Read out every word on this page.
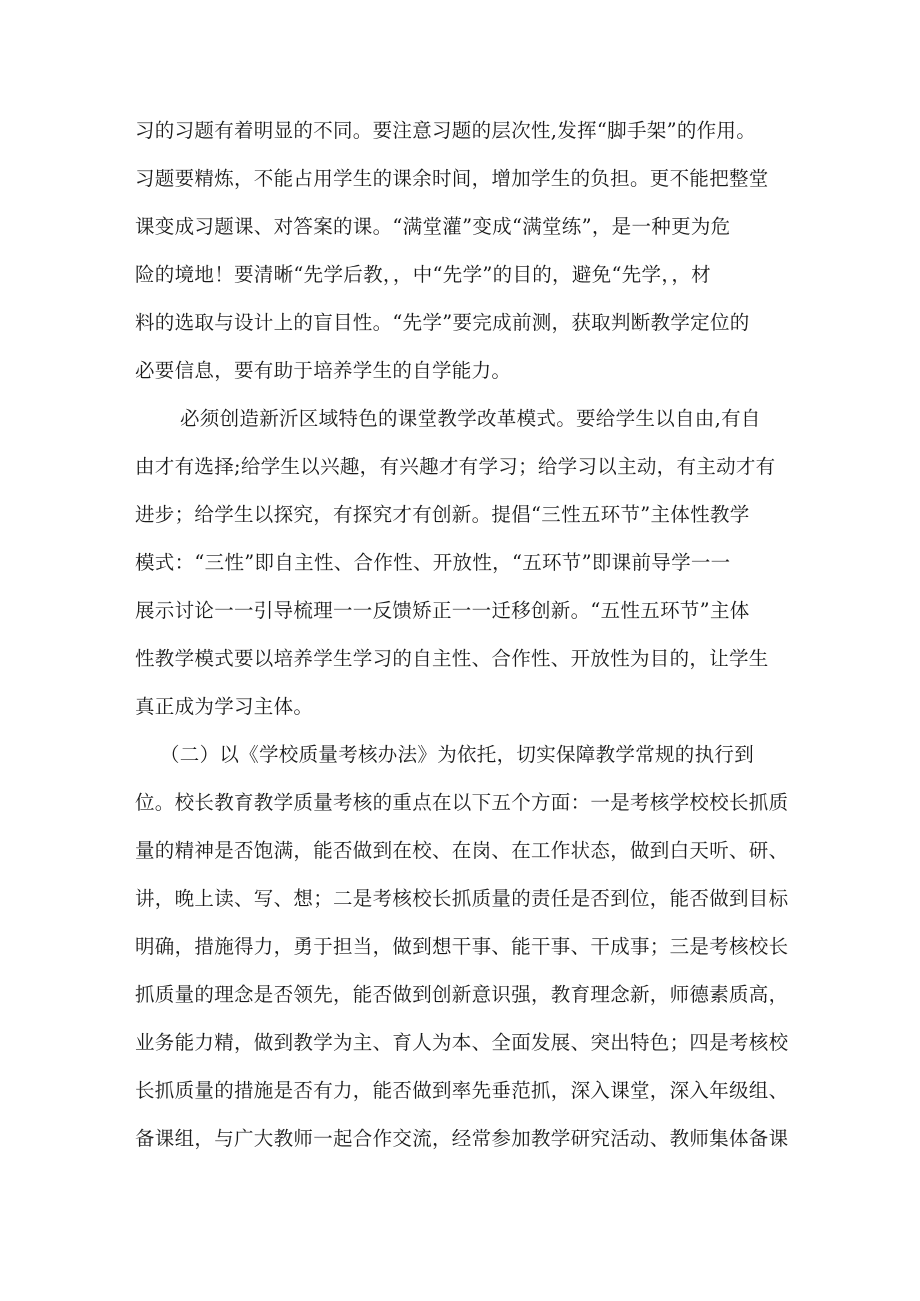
习的习题有着明显的不同。要注意习题的层次性,发挥“脚手架”的作用。
习题要精炼，不能占用学生的课余时间，增加学生的负担。更不能把整堂
课变成习题课、对答案的课。“满堂灌”变成“满堂练”，是一种更为危
险的境地！要清晰“先学后教，，中“先学”的目的，避免“先学，，材
料的选取与设计上的盲目性。“先学”要完成前测，获取判断教学定位的
必要信息，要有助于培养学生的自学能力。
必须创造新沂区域特色的课堂教学改革模式。要给学生以自由,有自
由才有选择;给学生以兴趣，有兴趣才有学习；给学习以主动，有主动才有
进步；给学生以探究，有探究才有创新。提倡“三性五环节”主体性教学
模式：“三性”即自主性、合作性、开放性，“五环节”即课前导学一一
展示讨论一一引导梳理一一反馈矫正一一迁移创新。“五性五环节”主体
性教学模式要以培养学生学习的自主性、合作性、开放性为目的，让学生
真正成为学习主体。
（二）以《学校质量考核办法》为依托，切实保障教学常规的执行到
位。校长教育教学质量考核的重点在以下五个方面：一是考核学校校长抓质
量的精神是否饱满，能否做到在校、在岗、在工作状态，做到白天听、研、
讲，晚上读、写、想；二是考核校长抓质量的责任是否到位，能否做到目标
明确，措施得力，勇于担当，做到想干事、能干事、干成事；三是考核校长
抓质量的理念是否领先，能否做到创新意识强，教育理念新，师德素质高，
业务能力精，做到教学为主、育人为本、全面发展、突出特色；四是考核校
长抓质量的措施是否有力，能否做到率先垂范抓，深入课堂，深入年级组、
备课组，与广大教师一起合作交流，经常参加教学研究活动、教师集体备课
